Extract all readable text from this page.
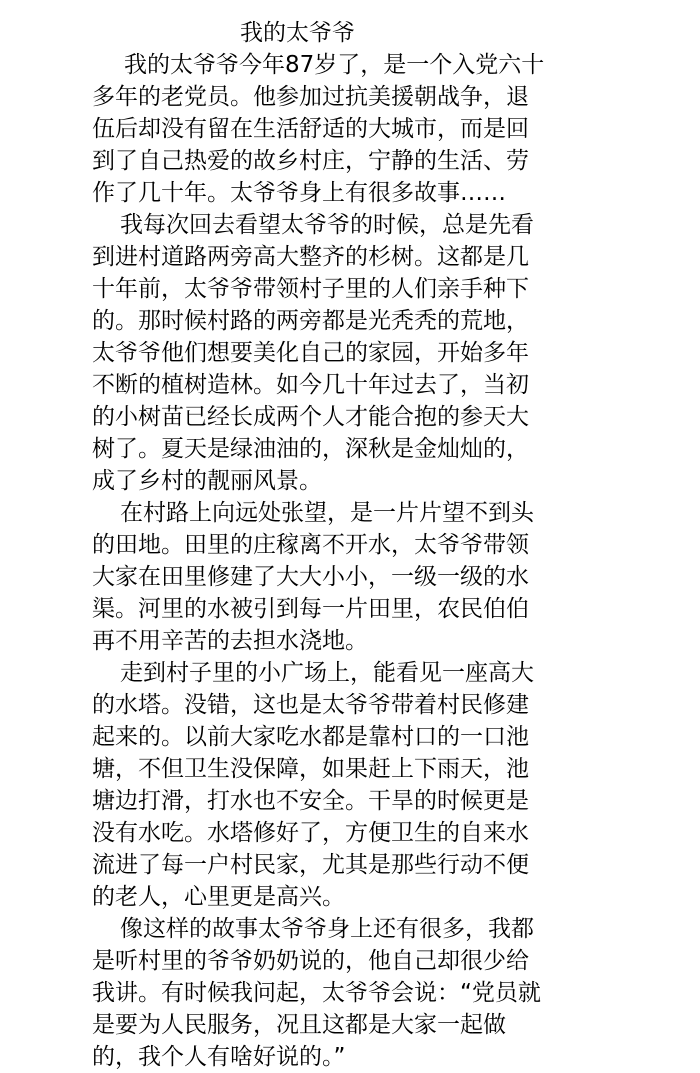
我的太爷爷

我的太爷爷今年87岁了，是一个入党六十
多年的老党员。他参加过抗美援朝战争，退
伍后却没有留在生活舒适的大城市，而是回
到了自己热爱的故乡村庄，宁静的生活、劳
作了几十年。太爷爷身上有很多故事……

我每次回去看望太爷爷的时候，总是先看
到进村道路两旁高大整齐的杉树。这都是几
十年前，太爷爷带领村子里的人们亲手种下
的。那时候村路的两旁都是光秃秃的荒地，
太爷爷他们想要美化自己的家园，开始多年
不断的植树造林。如今几十年过去了，当初
的小树苗已经长成两个人才能合抱的参天大
树了。夏天是绿油油的，深秋是金灿灿的，
成了乡村的靓丽风景。

在村路上向远处张望，是一片片望不到头
的田地。田里的庄稼离不开水，太爷爷带领
大家在田里修建了大大小小，一级一级的水
渠。河里的水被引到每一片田里，农民伯伯
再不用辛苦的去担水浇地。

走到村子里的小广场上，能看见一座高大
的水塔。没错，这也是太爷爷带着村民修建
起来的。以前大家吃水都是靠村口的一口池
塘，不但卫生没保障，如果赶上下雨天，池
塘边打滑，打水也不安全。干旱的时候更是
没有水吃。水塔修好了，方便卫生的自来水
流进了每一户村民家，尤其是那些行动不便
的老人，心里更是高兴。

像这样的故事太爷爷身上还有很多，我都
是听村里的爷爷奶奶说的，他自己却很少给
我讲。有时候我问起，太爷爷会说：“党员就
是要为人民服务，况且这都是大家一起做
的，我个人有啥好说的。”
